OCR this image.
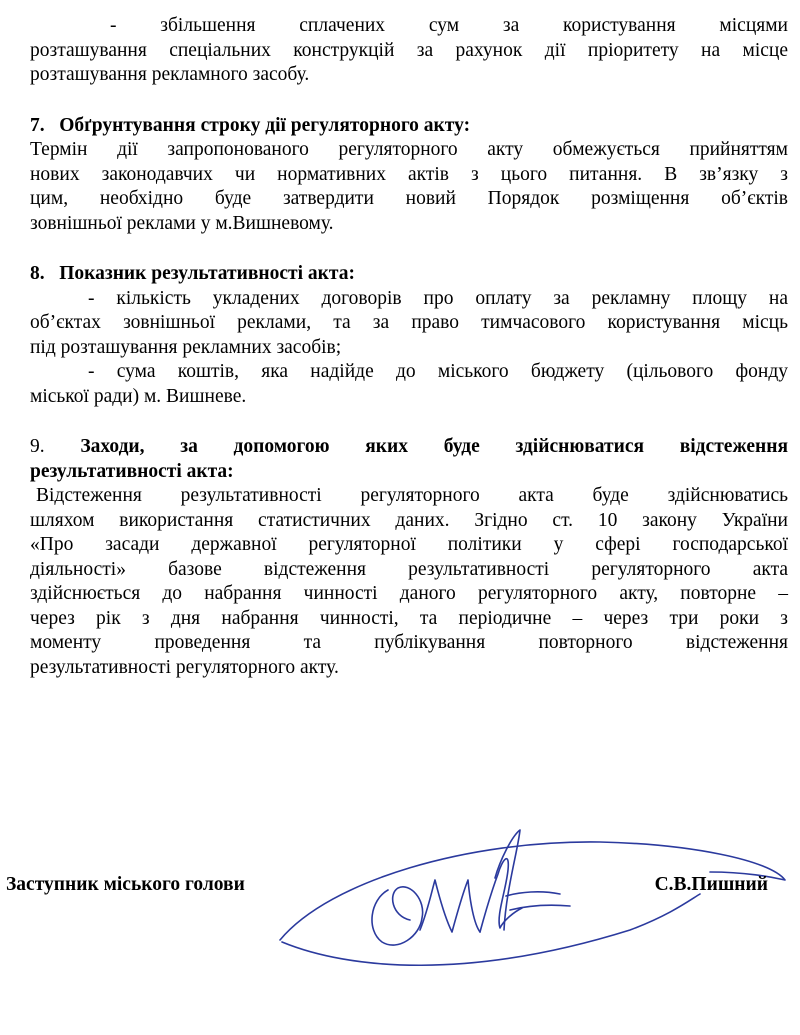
- збільшення сплачених сум за користування місцями

розташування спеціальних конструкцій за рахунок дії пріоритету на місце

розташування рекламного засобу.

7. Обґрунтування строку дії регуляторного акту:

Термін дії запропонованого регуляторного акту обмежується прийняттям

нових законодавчих чи нормативних актів з цього питання. В зв’язку з

цим, необхідно буде затвердити новий Порядок розміщення об’єктів

зовнішньої реклами у м.Вишневому.

8. Показник результативності акта:

- кількість укладених договорів про оплату за рекламну площу на

об’єктах зовнішньої реклами, та за право тимчасового користування місць

під розташування рекламних засобів;

- сума коштів, яка надійде до міського бюджету (цільового фонду

міської ради) м. Вишневе.

9. Заходи, за допомогою яких буде здійснюватися відстеження

результативності акта:

Відстеження результативності регуляторного акта буде здійснюватись

шляхом використання статистичних даних. Згідно ст. 10 закону України

«Про засади державної регуляторної політики у сфері господарської

діяльності» базове відстеження результативності регуляторного акта

здійснюється до набрання чинності даного регуляторного акту, повторне –

через рік з дня набрання чинності, та періодичне – через три роки з

моменту проведення та публікування повторного відстеження

результативності регуляторного акту.

Заступник міського голови	С.В.Пишний
